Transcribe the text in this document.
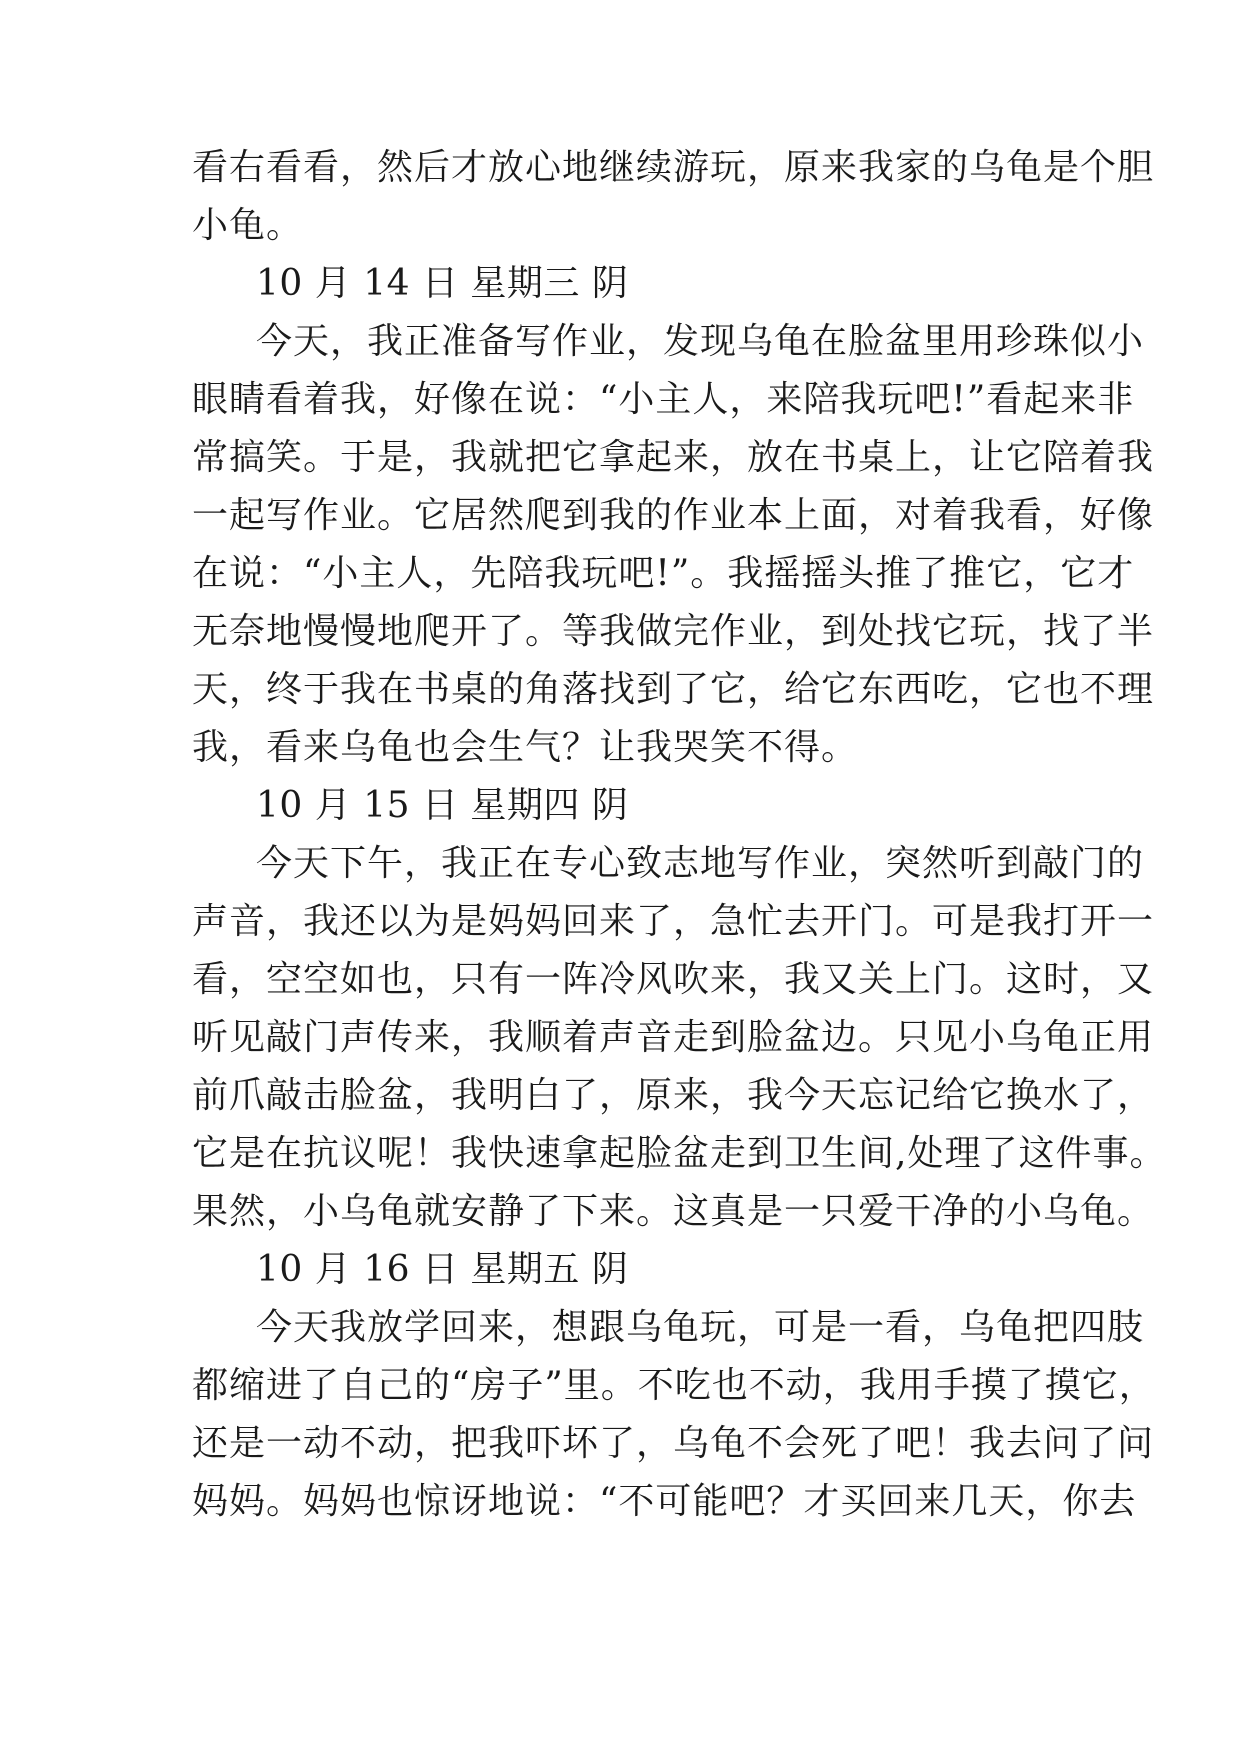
看右看看，然后才放心地继续游玩，原来我家的乌龟是个胆
小龟。
10 月 14 日 星期三 阴
今天，我正准备写作业，发现乌龟在脸盆里用珍珠似小
眼睛看着我，好像在说：“小主人，来陪我玩吧!”看起来非
常搞笑。于是，我就把它拿起来，放在书桌上，让它陪着我
一起写作业。它居然爬到我的作业本上面，对着我看，好像
在说：“小主人，先陪我玩吧!”。我摇摇头推了推它，它才
无奈地慢慢地爬开了。等我做完作业，到处找它玩，找了半
天，终于我在书桌的角落找到了它，给它东西吃，它也不理
我，看来乌龟也会生气？让我哭笑不得。
10 月 15 日 星期四 阴
今天下午，我正在专心致志地写作业，突然听到敲门的
声音，我还以为是妈妈回来了，急忙去开门。可是我打开一
看，空空如也，只有一阵冷风吹来，我又关上门。这时，又
听见敲门声传来，我顺着声音走到脸盆边。只见小乌龟正用
前爪敲击脸盆，我明白了，原来，我今天忘记给它换水了，
它是在抗议呢！我快速拿起脸盆走到卫生间,处理了这件事。
果然，小乌龟就安静了下来。这真是一只爱干净的小乌龟。
10 月 16 日 星期五 阴
今天我放学回来，想跟乌龟玩，可是一看，乌龟把四肢
都缩进了自己的“房子”里。不吃也不动，我用手摸了摸它，
还是一动不动，把我吓坏了，乌龟不会死了吧！我去问了问
妈妈。妈妈也惊讶地说：“不可能吧？才买回来几天，你去
